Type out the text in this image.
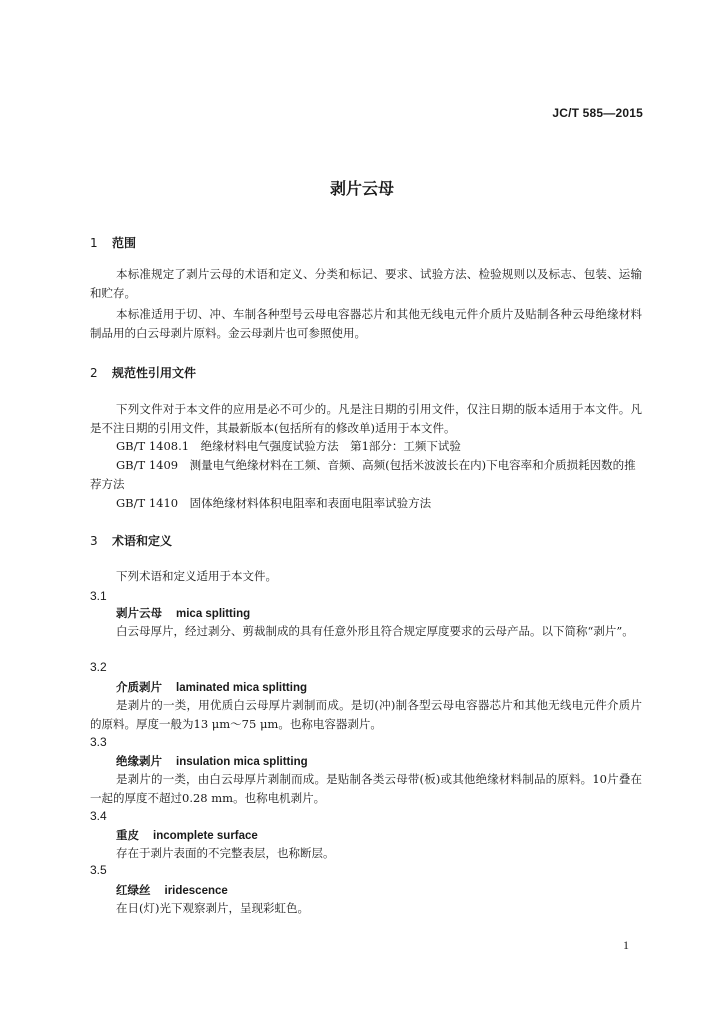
JC/T 585—2015
剥片云母
1 范围
本标准规定了剥片云母的术语和定义、分类和标记、要求、试验方法、检验规则以及标志、包装、运输和贮存。
本标准适用于切、冲、车制各种型号云母电容器芯片和其他无线电元件介质片及贴制各种云母绝缘材料制品用的白云母剥片原料。金云母剥片也可参照使用。
2 规范性引用文件
下列文件对于本文件的应用是必不可少的。凡是注日期的引用文件，仅注日期的版本适用于本文件。凡是不注日期的引用文件，其最新版本(包括所有的修改单)适用于本文件。
GB/T 1408.1　绝缘材料电气强度试验方法　第1部分：工频下试验
GB/T 1409　测量电气绝缘材料在工频、音频、高频(包括米波波长在内)下电容率和介质损耗因数的推荐方法
GB/T 1410　固体绝缘材料体积电阻率和表面电阻率试验方法
3 术语和定义
下列术语和定义适用于本文件。
3.1
剥片云母 mica splitting
白云母厚片，经过剥分、剪裁制成的具有任意外形且符合规定厚度要求的云母产品。以下简称“剥片”。
3.2
介质剥片 laminated mica splitting
是剥片的一类，用优质白云母厚片剥制而成。是切(冲)制各型云母电容器芯片和其他无线电元件介质片的原料。厚度一般为13 μm～75 μm。也称电容器剥片。
3.3
绝缘剥片 insulation mica splitting
是剥片的一类，由白云母厚片剥制而成。是贴制各类云母带(板)或其他绝缘材料制品的原料。10片叠在一起的厚度不超过0.28 mm。也称电机剥片。
3.4
重皮 incomplete surface
存在于剥片表面的不完整表层，也称断层。
3.5
红绿丝 iridescence
在日(灯)光下观察剥片，呈现彩虹色。
1
